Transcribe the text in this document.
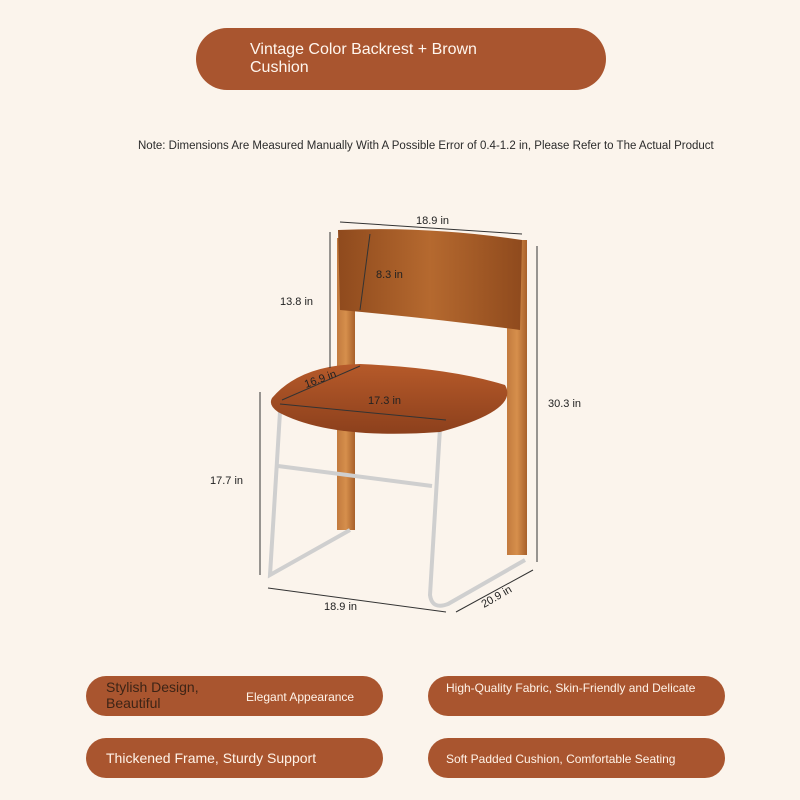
Vintage Color Backrest + Brown
Cushion
Note: Dimensions Are Measured Manually With A Possible Error of 0.4-1.2 in, Please Refer to The Actual Product
18.9 in
8.3 in
13.8 in
16.9 in
17.3 in	30.3 in
17.7 in
18.9 in	20.9 in
Stylish Design, Beautiful	Elegant Appearance
High-Quality Fabric, Skin-Friendly and Delicate
Thickened Frame, Sturdy Support	Soft Padded Cushion, Comfortable Seating
